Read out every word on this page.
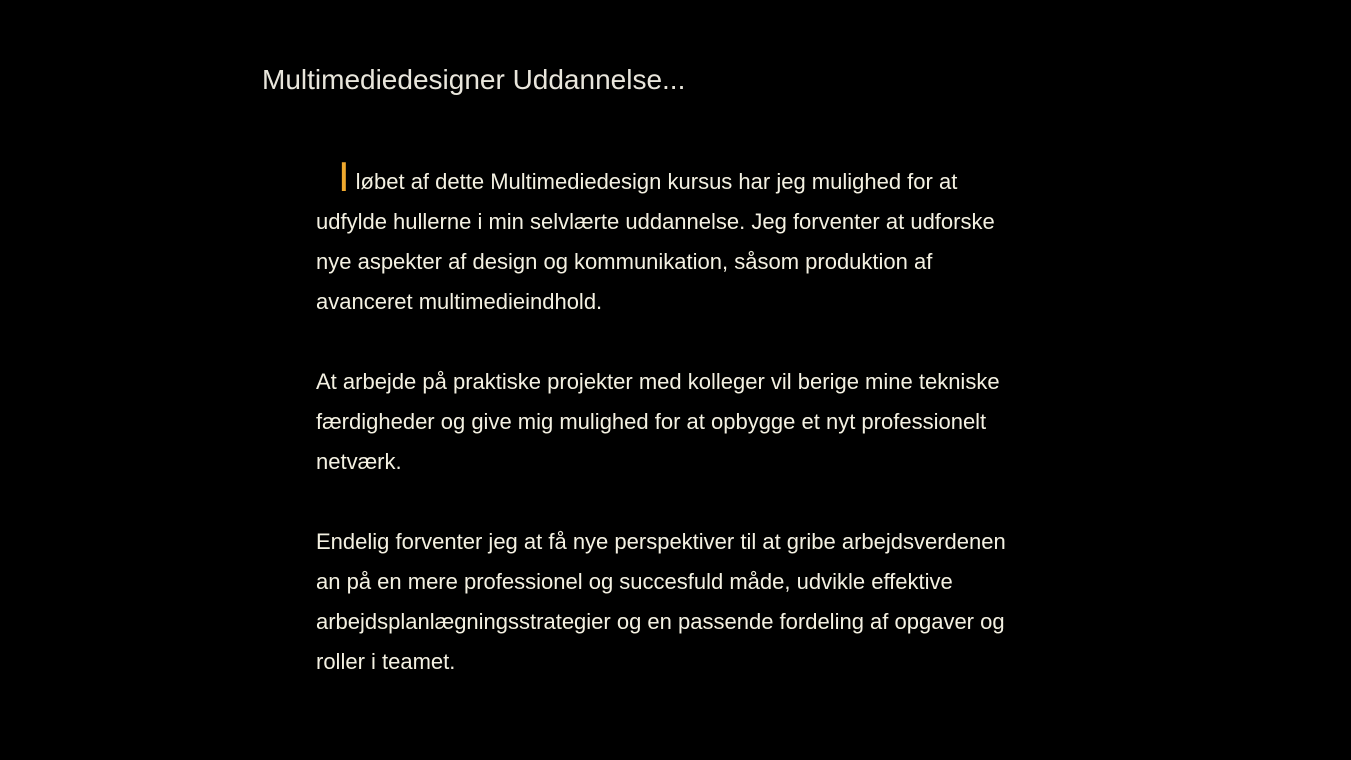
Multimediedesigner Uddannelse...

Iløbet af dette Multimediedesign kursus har jeg mulighed for at udfylde hullerne i min selvlærte uddannelse. Jeg forventer at udforske nye aspekter af design og kommunikation, såsom produktion af avanceret multimedieindhold.

At arbejde på praktiske projekter med kolleger vil berige mine tekniske færdigheder og give mig mulighed for at opbygge et nyt professionelt netværk.

Endelig forventer jeg at få nye perspektiver til at gribe arbejdsverdenen an på en mere professionel og succesfuld måde, udvikle effektive arbejdsplanlægningsstrategier og en passende fordeling af opgaver og roller i teamet.
